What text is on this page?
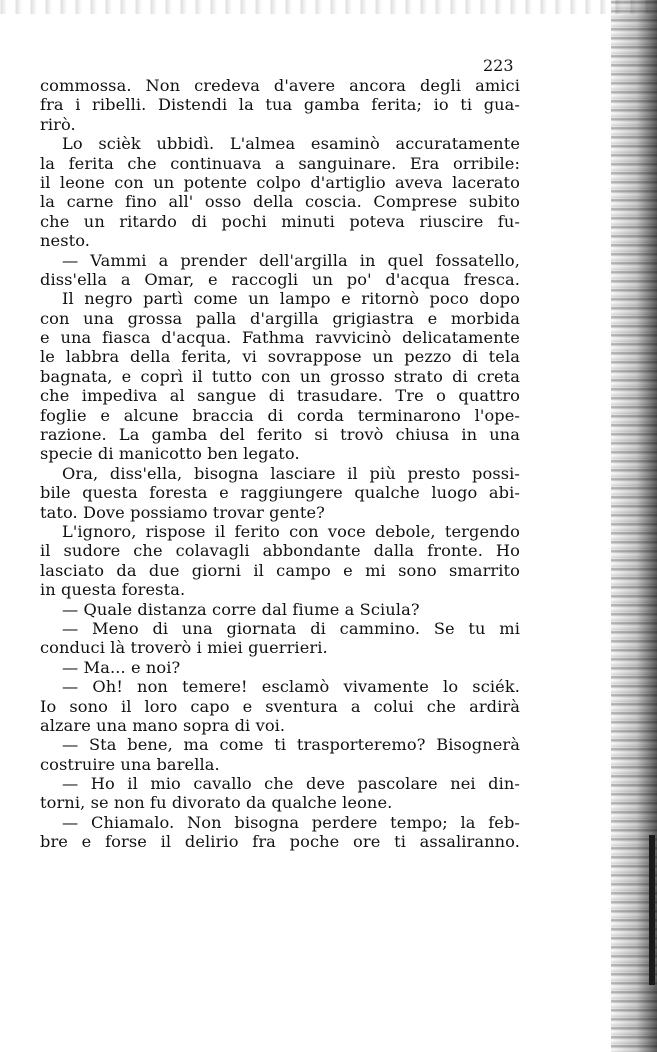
223
commossa. Non credeva d'avere ancora degli amici
fra i ribelli. Distendi la tua gamba ferita; io ti gua-
rirò.
Lo scièk ubbidì. L'almea esaminò accuratamente
la ferita che continuava a sanguinare. Era orribile:
il leone con un potente colpo d'artiglio aveva lacerato
la carne fino all' osso della coscia. Comprese subito
che un ritardo di pochi minuti poteva riuscire fu-
nesto.
— Vammi a prender dell'argilla in quel fossatello,
diss'ella a Omar, e raccogli un po' d'acqua fresca.
Il negro partì come un lampo e ritornò poco dopo
con una grossa palla d'argilla grigiastra e morbida
e una fiasca d'acqua. Fathma ravvicinò delicatamente
le labbra della ferita, vi sovrappose un pezzo di tela
bagnata, e coprì il tutto con un grosso strato di creta
che impediva al sangue di trasudare. Tre o quattro
foglie e alcune braccia di corda terminarono l'ope-
razione. La gamba del ferito si trovò chiusa in una
specie di manicotto ben legato.
Ora, diss'ella, bisogna lasciare il più presto possi-
bile questa foresta e raggiungere qualche luogo abi-
tato. Dove possiamo trovar gente?
L'ignoro, rispose il ferito con voce debole, tergendo
il sudore che colavagli abbondante dalla fronte. Ho
lasciato da due giorni il campo e mi sono smarrito
in questa foresta.
— Quale distanza corre dal fiume a Sciula?
— Meno di una giornata di cammino. Se tu mi
conduci là troverò i miei guerrieri.
— Ma... e noi?
— Oh! non temere! esclamò vivamente lo sciék.
Io sono il loro capo e sventura a colui che ardirà
alzare una mano sopra di voi.
— Sta bene, ma come ti trasporteremo? Bisognerà
costruire una barella.
— Ho il mio cavallo che deve pascolare nei din-
torni, se non fu divorato da qualche leone.
— Chiamalo. Non bisogna perdere tempo; la feb-
bre e forse il delirio fra poche ore ti assaliranno.
